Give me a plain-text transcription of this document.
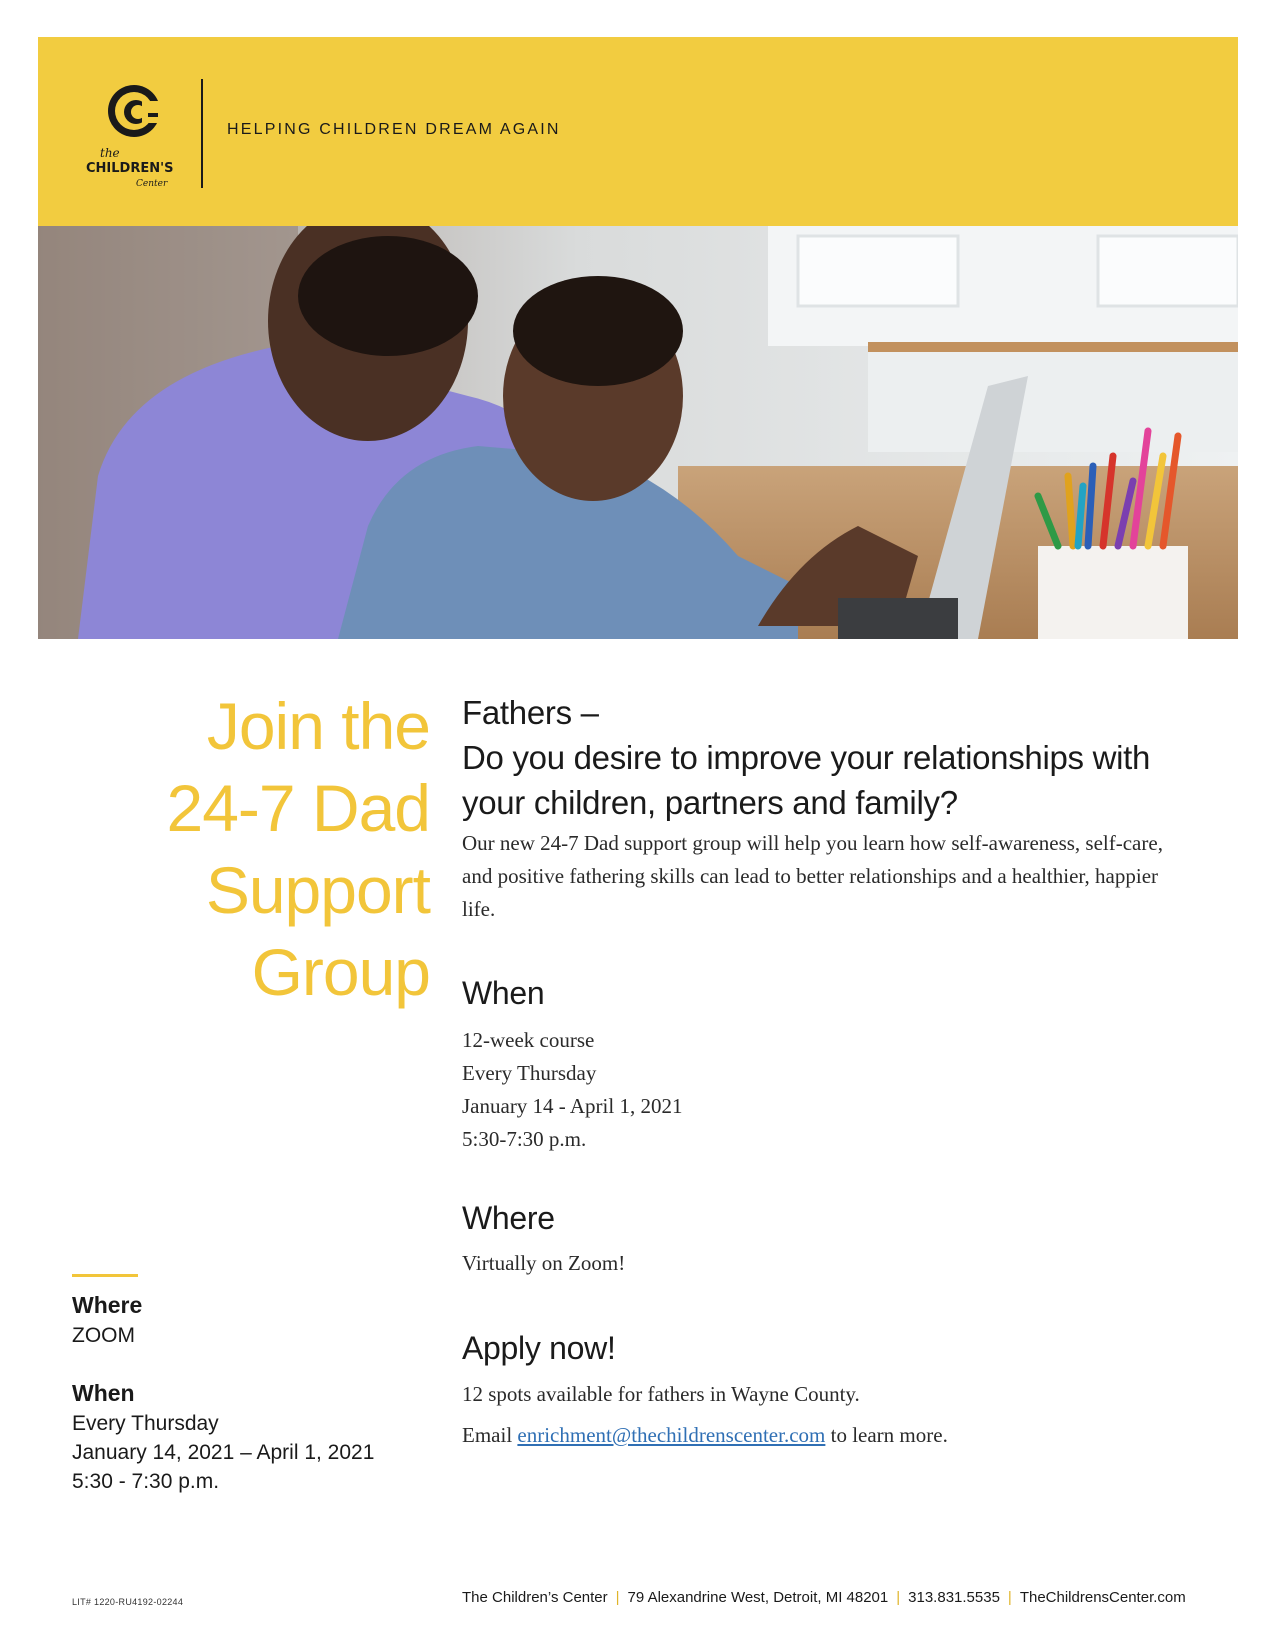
the
CHILDREN'S
Center
HELPING CHILDREN DREAM AGAIN
Join the
24-7 Dad
Support
Group
Fathers –
Do you desire to improve your relationships with
your children, partners and family?
Our new 24-7 Dad support group will help you learn how self-awareness, self-care, and positive fathering skills can lead to better relationships and a healthier, happier life.
When
12-week course
Every Thursday
January 14 - April 1, 2021
5:30-7:30 p.m.
Where
Virtually on Zoom!
Apply now!
12 spots available for fathers in Wayne County.
Email enrichment@thechildrenscenter.com to learn more.
Where
ZOOM
When
Every Thursday
January 14, 2021 – April 1, 2021
5:30 - 7:30 p.m.
LIT# 1220-RU4192-02244	The Children’s Center | 79 Alexandrine West, Detroit, MI 48201 | 313.831.5535 | TheChildrensCenter.com
